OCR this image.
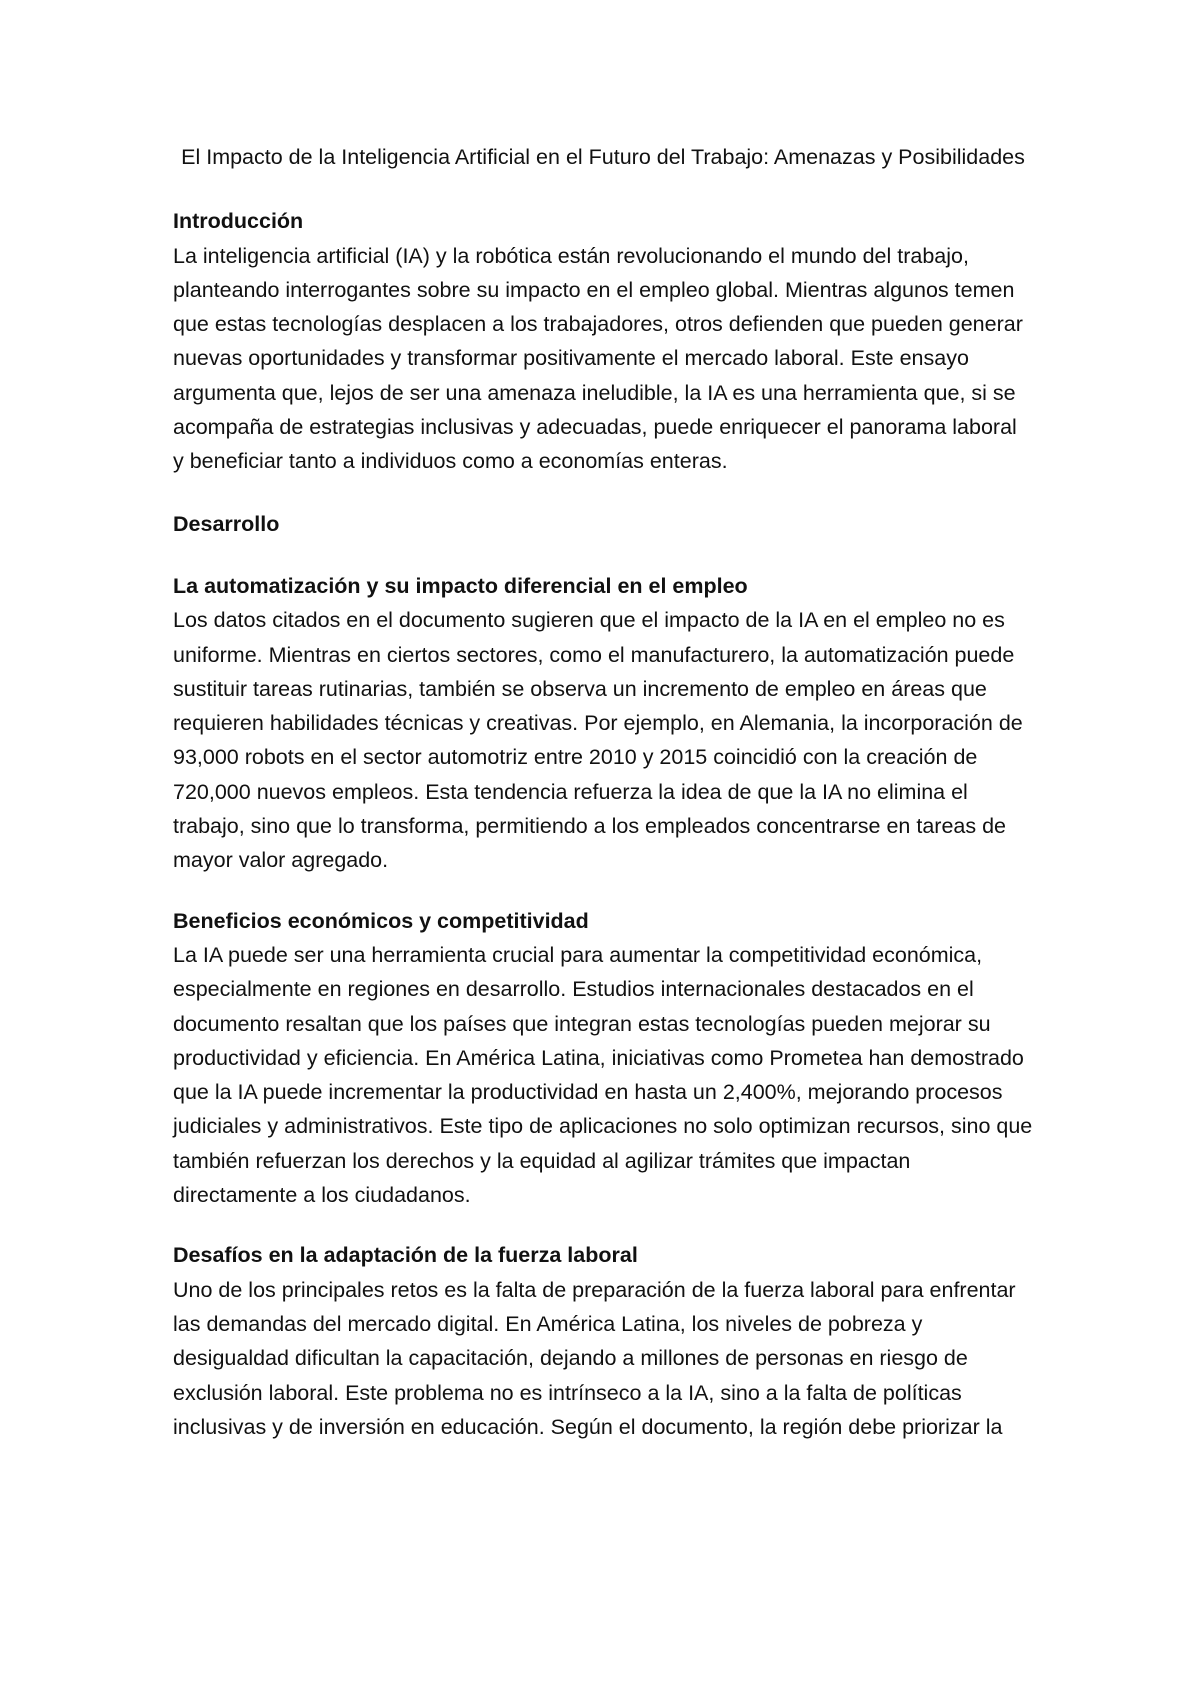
El Impacto de la Inteligencia Artificial en el Futuro del Trabajo: Amenazas y Posibilidades

Introducción

La inteligencia artificial (IA) y la robótica están revolucionando el mundo del trabajo, planteando interrogantes sobre su impacto en el empleo global. Mientras algunos temen que estas tecnologías desplacen a los trabajadores, otros defienden que pueden generar nuevas oportunidades y transformar positivamente el mercado laboral. Este ensayo argumenta que, lejos de ser una amenaza ineludible, la IA es una herramienta que, si se acompaña de estrategias inclusivas y adecuadas, puede enriquecer el panorama laboral y beneficiar tanto a individuos como a economías enteras.

Desarrollo

La automatización y su impacto diferencial en el empleo

Los datos citados en el documento sugieren que el impacto de la IA en el empleo no es uniforme. Mientras en ciertos sectores, como el manufacturero, la automatización puede sustituir tareas rutinarias, también se observa un incremento de empleo en áreas que requieren habilidades técnicas y creativas. Por ejemplo, en Alemania, la incorporación de 93,000 robots en el sector automotriz entre 2010 y 2015 coincidió con la creación de 720,000 nuevos empleos. Esta tendencia refuerza la idea de que la IA no elimina el trabajo, sino que lo transforma, permitiendo a los empleados concentrarse en tareas de mayor valor agregado.

Beneficios económicos y competitividad

La IA puede ser una herramienta crucial para aumentar la competitividad económica, especialmente en regiones en desarrollo. Estudios internacionales destacados en el documento resaltan que los países que integran estas tecnologías pueden mejorar su productividad y eficiencia. En América Latina, iniciativas como Prometea han demostrado que la IA puede incrementar la productividad en hasta un 2,400%, mejorando procesos judiciales y administrativos. Este tipo de aplicaciones no solo optimizan recursos, sino que también refuerzan los derechos y la equidad al agilizar trámites que impactan directamente a los ciudadanos.

Desafíos en la adaptación de la fuerza laboral

Uno de los principales retos es la falta de preparación de la fuerza laboral para enfrentar las demandas del mercado digital. En América Latina, los niveles de pobreza y desigualdad dificultan la capacitación, dejando a millones de personas en riesgo de exclusión laboral. Este problema no es intrínseco a la IA, sino a la falta de políticas inclusivas y de inversión en educación. Según el documento, la región debe priorizar la
